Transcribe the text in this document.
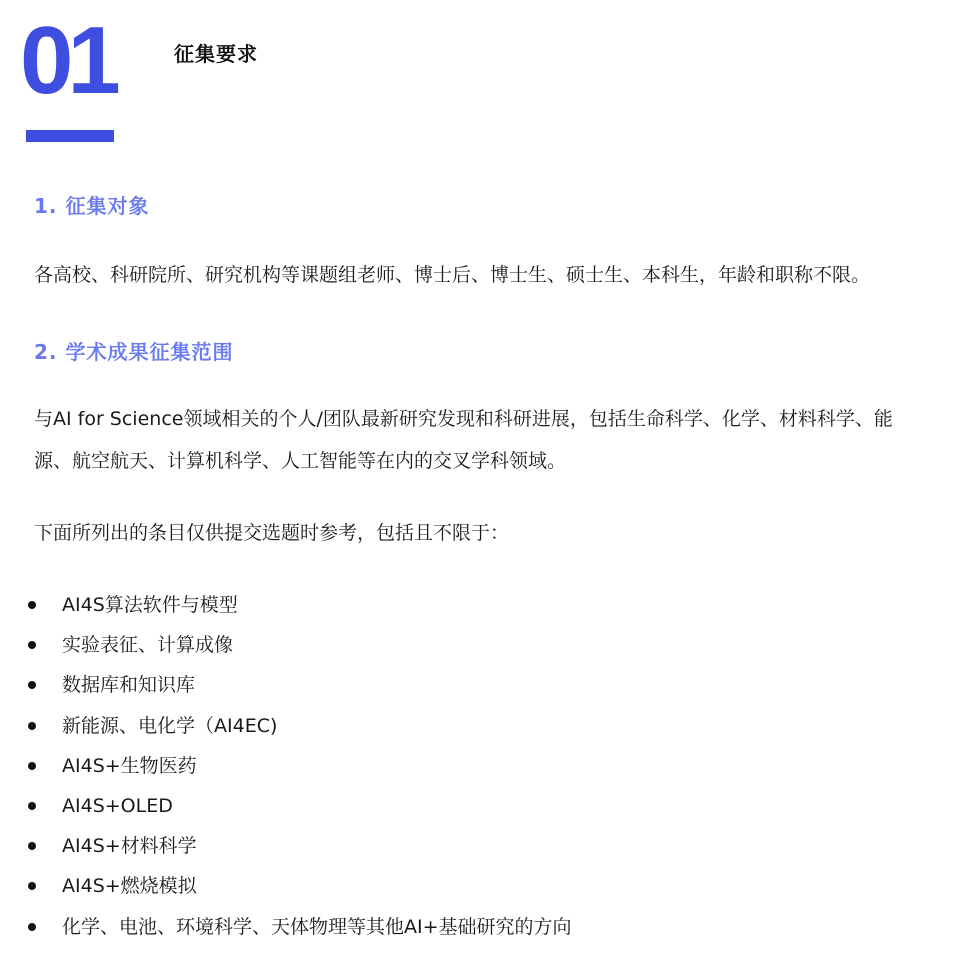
01	征集要求
1. 征集对象
各高校、科研院所、研究机构等课题组老师、博士后、博士生、硕士生、本科生，年龄和职称不限。
2. 学术成果征集范围
与AI for Science领域相关的个人/团队最新研究发现和科研进展，包括生命科学、化学、材料科学、能源、航空航天、计算机科学、人工智能等在内的交叉学科领域。
下面所列出的条目仅供提交选题时参考，包括且不限于：
AI4S算法软件与模型
实验表征、计算成像
数据库和知识库
新能源、电化学（AI4EC)
AI4S+生物医药
AI4S+OLED
AI4S+材料科学
AI4S+燃烧模拟
化学、电池、环境科学、天体物理等其他AI+基础研究的方向
